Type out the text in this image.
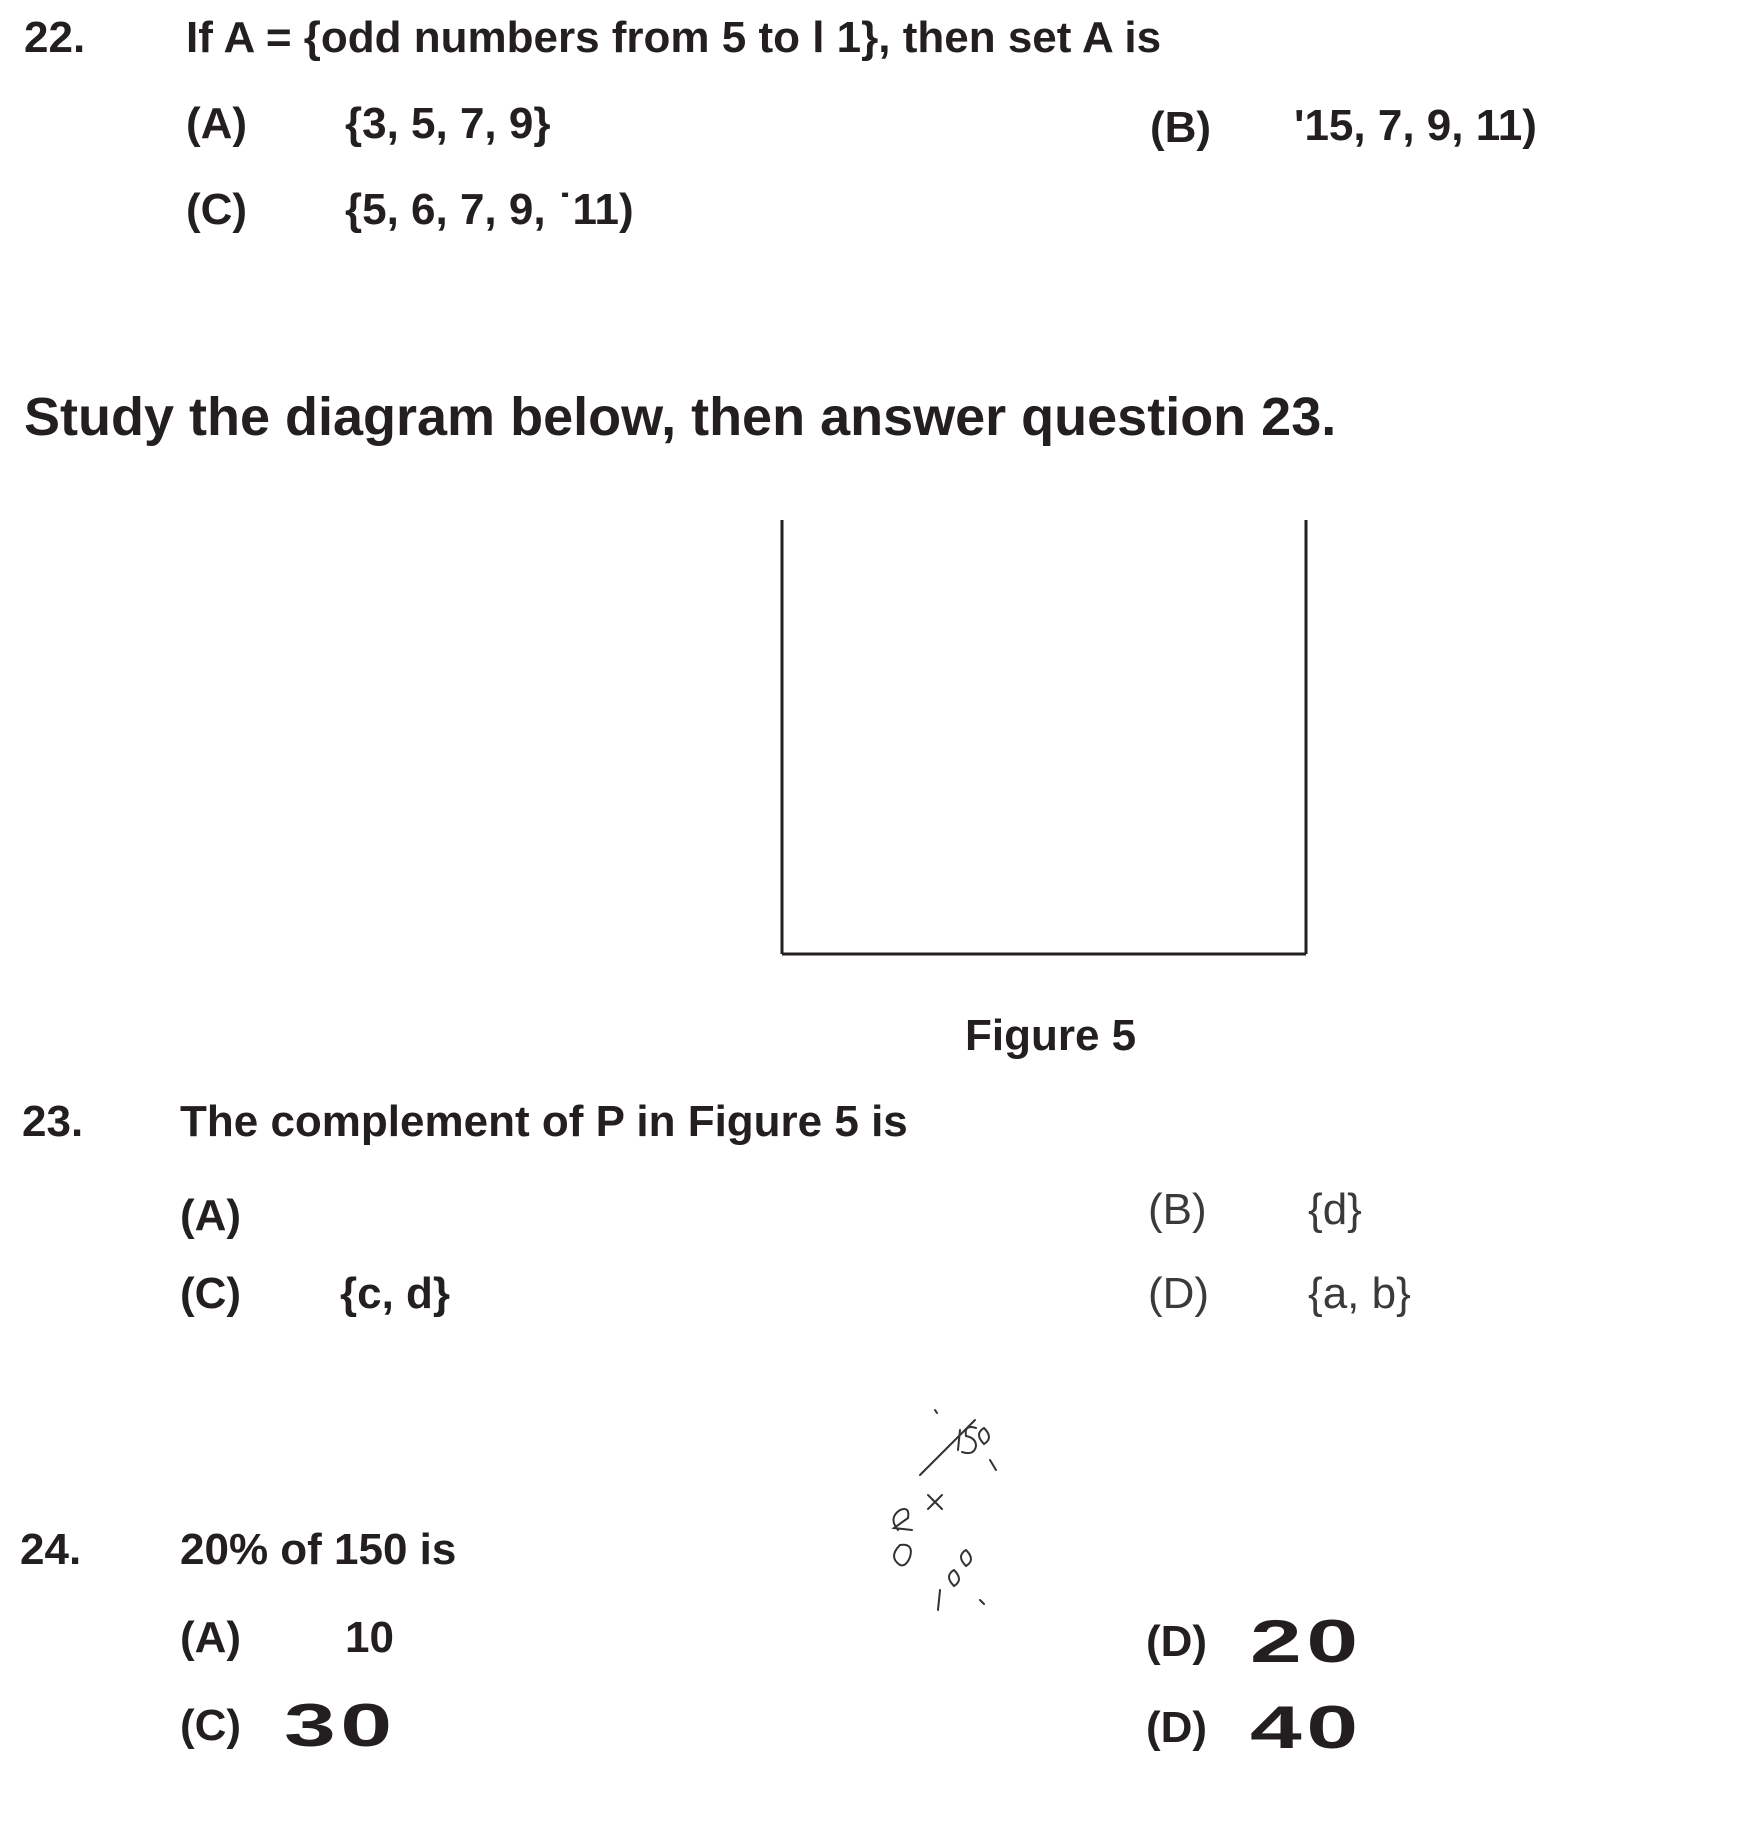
22. If A = {odd numbers from 5 to l 1}, then set A is
(A) {3, 5, 7, 9}	(B) '15, 7, 9, 11)
(C) {5, 6, 7, 9, ˙11)
Study the diagram below, then answer question 23.
Figure 5
23. The complement of P in Figure 5 is
(A)	(B) {d}
(C) {c, d}	(D) {a, b}
24. 20% of 150 is
(A) 10	(D) 20
(C) 30	(D) 40
